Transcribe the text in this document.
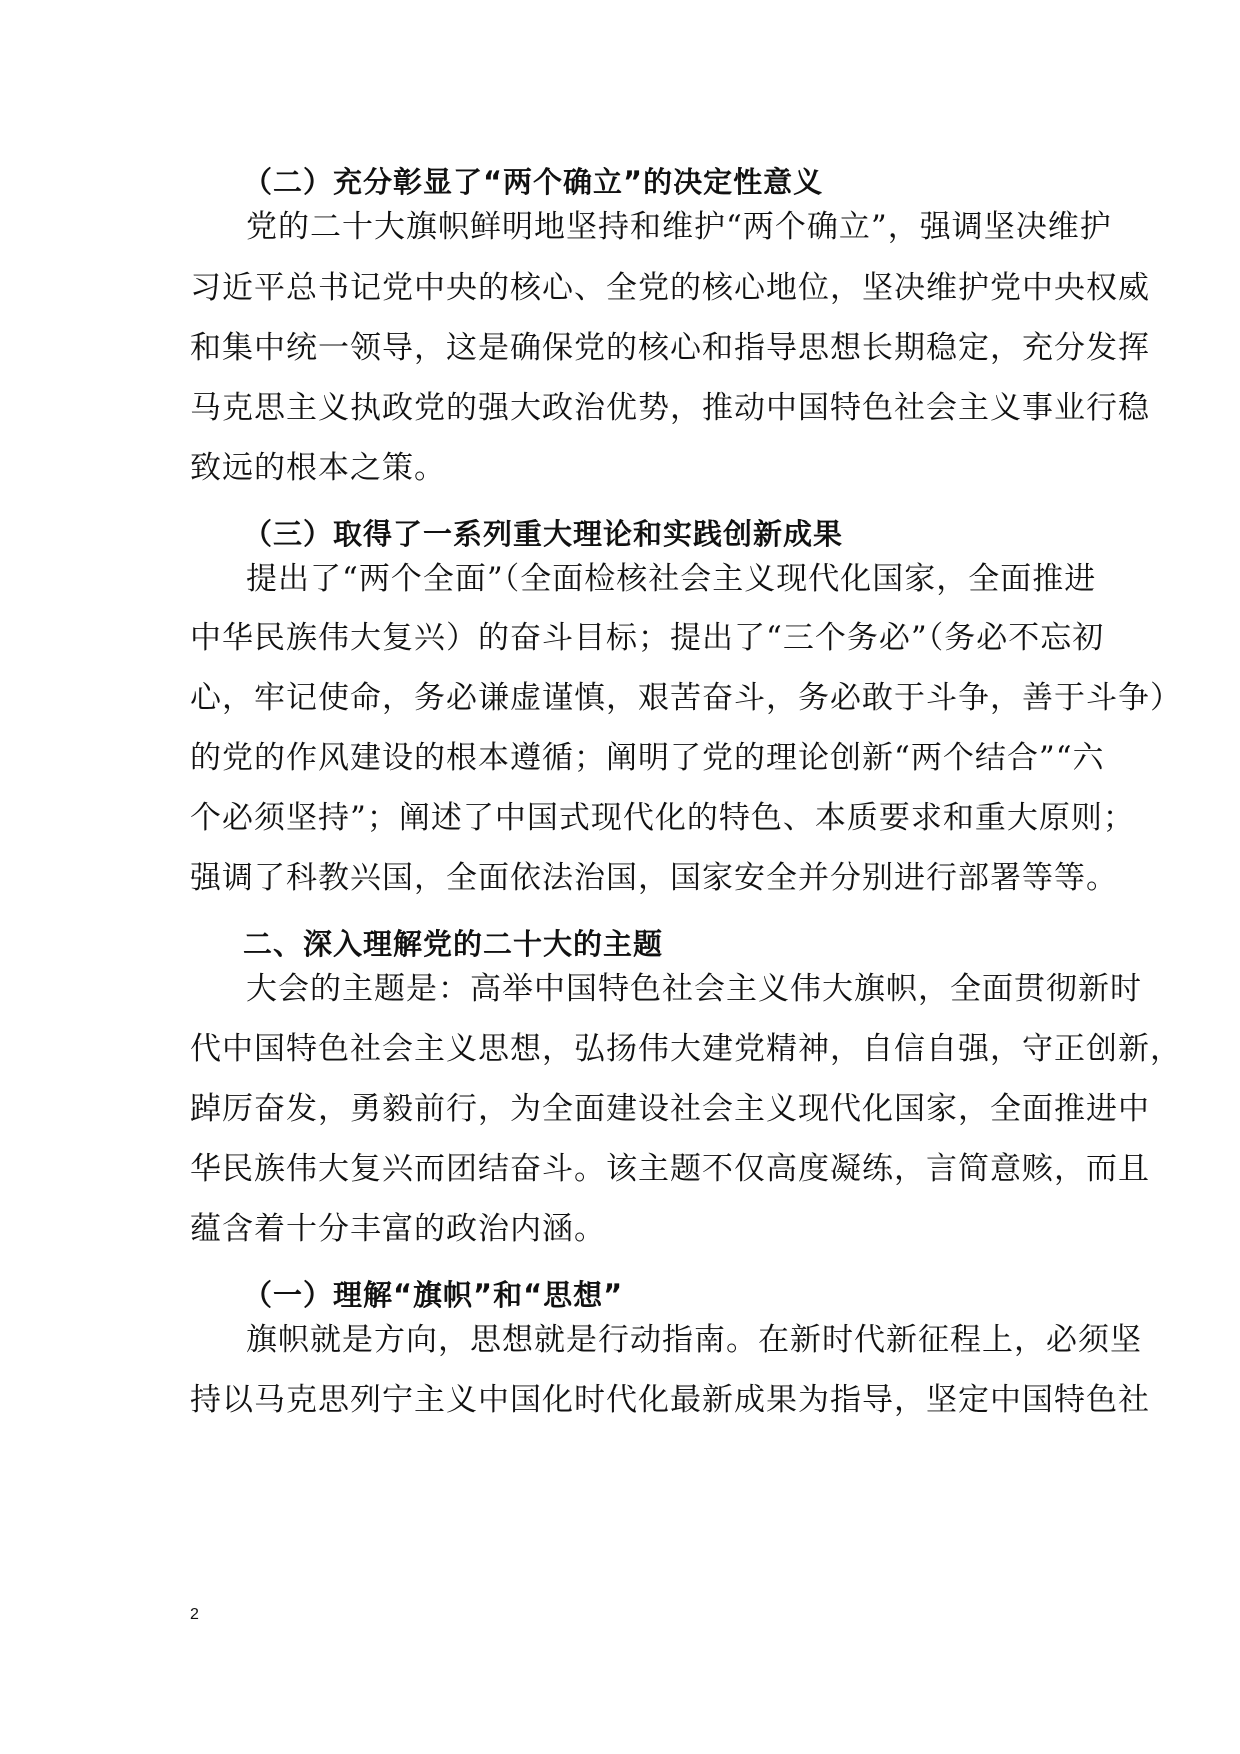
（二）充分彰显了“两个确立”的决定性意义
党的二十大旗帜鲜明地坚持和维护“两个确立”，强调坚决维护
习近平总书记党中央的核心、全党的核心地位，坚决维护党中央权威
和集中统一领导，这是确保党的核心和指导思想长期稳定，充分发挥
马克思主义执政党的强大政治优势，推动中国特色社会主义事业行稳
致远的根本之策。
（三）取得了一系列重大理论和实践创新成果
提出了“两个全面”（全面检核社会主义现代化国家，全面推进
中华民族伟大复兴）的奋斗目标；提出了“三个务必”（务必不忘初
心，牢记使命，务必谦虚谨慎，艰苦奋斗，务必敢于斗争，善于斗争）
的党的作风建设的根本遵循；阐明了党的理论创新“两个结合”“六
个必须坚持”；阐述了中国式现代化的特色、本质要求和重大原则；
强调了科教兴国，全面依法治国，国家安全并分别进行部署等等。
二、深入理解党的二十大的主题
大会的主题是：高举中国特色社会主义伟大旗帜，全面贯彻新时
代中国特色社会主义思想，弘扬伟大建党精神，自信自强，守正创新，
踔厉奋发，勇毅前行，为全面建设社会主义现代化国家，全面推进中
华民族伟大复兴而团结奋斗。该主题不仅高度凝练，言简意赅，而且
蕴含着十分丰富的政治内涵。
（一）理解“旗帜”和“思想”
旗帜就是方向，思想就是行动指南。在新时代新征程上，必须坚
持以马克思列宁主义中国化时代化最新成果为指导，坚定中国特色社
2
